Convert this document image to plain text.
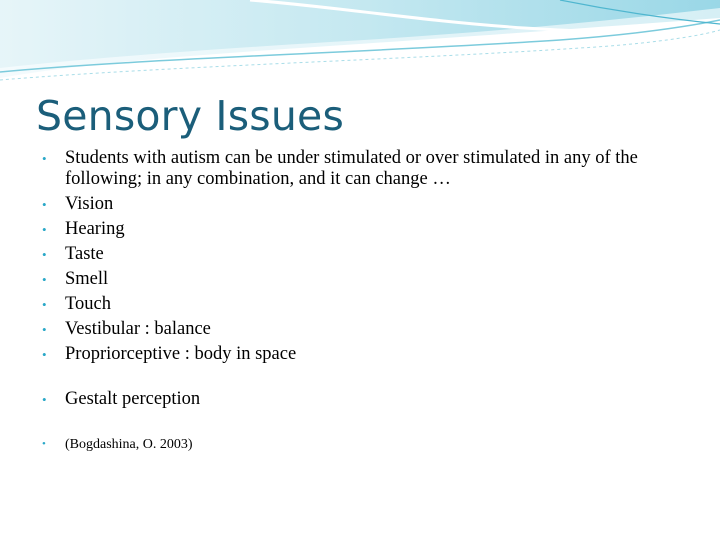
Sensory Issues
• Students with autism can be under stimulated or over stimulated in any of the following; in any combination, and it can change …
• Vision
• Hearing
• Taste
• Smell
• Touch
• Vestibular : balance
• Propriorceptive : body in space
• Gestalt perception
• (Bogdashina, O. 2003)
